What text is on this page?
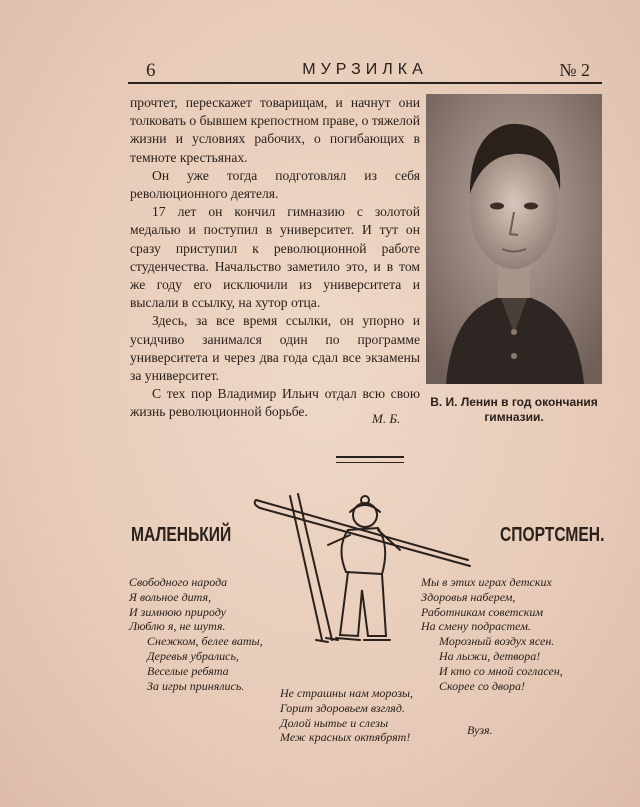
6	МУРЗИЛКА	№ 2

прочтет, перескажет товарищам, и начнут они толковать о бывшем крепостном праве, о тяжелой жизни и условиях рабочих, о погибающих в темноте крестьянах.

Он уже тогда подготовлял из себя революционного деятеля.

17 лет он кончил гимназию с золотой медалью и поступил в университет. И тут он сразу приступил к революционной работе студенчества. Начальство заметило это, и в том же году его исключили из университета и выслали в ссылку, на хутор отца.

Здесь, за все время ссылки, он упорно и усидчиво занимался один по программе университета и через два года сдал все экзамены за университет.

С тех пор Владимир Ильич отдал всю свою жизнь революционной борьбе.	М. Б.
В. И. Ленин в год окончания гимназии.
МАЛЕНЬКИЙ	СПОРТСМЕН.
Свободного народа
Я вольное дитя,
И зимнюю природу
Люблю я, не шутя.
Снежком, белее ваты,
Деревья убрались,
Веселые ребята
За игры принялись.
Мы в этих играх детских
Здоровья наберем,
Работникам советским
На смену подрастем.
Морозный воздух ясен.
На лыжи, детвора!
И кто со мной согласен,
Скорее со двора!
Не страшны нам морозы,
Горит здоровьем взгляд.
Долой нытье и слезы
Меж красных октябрят!
Вузя.
